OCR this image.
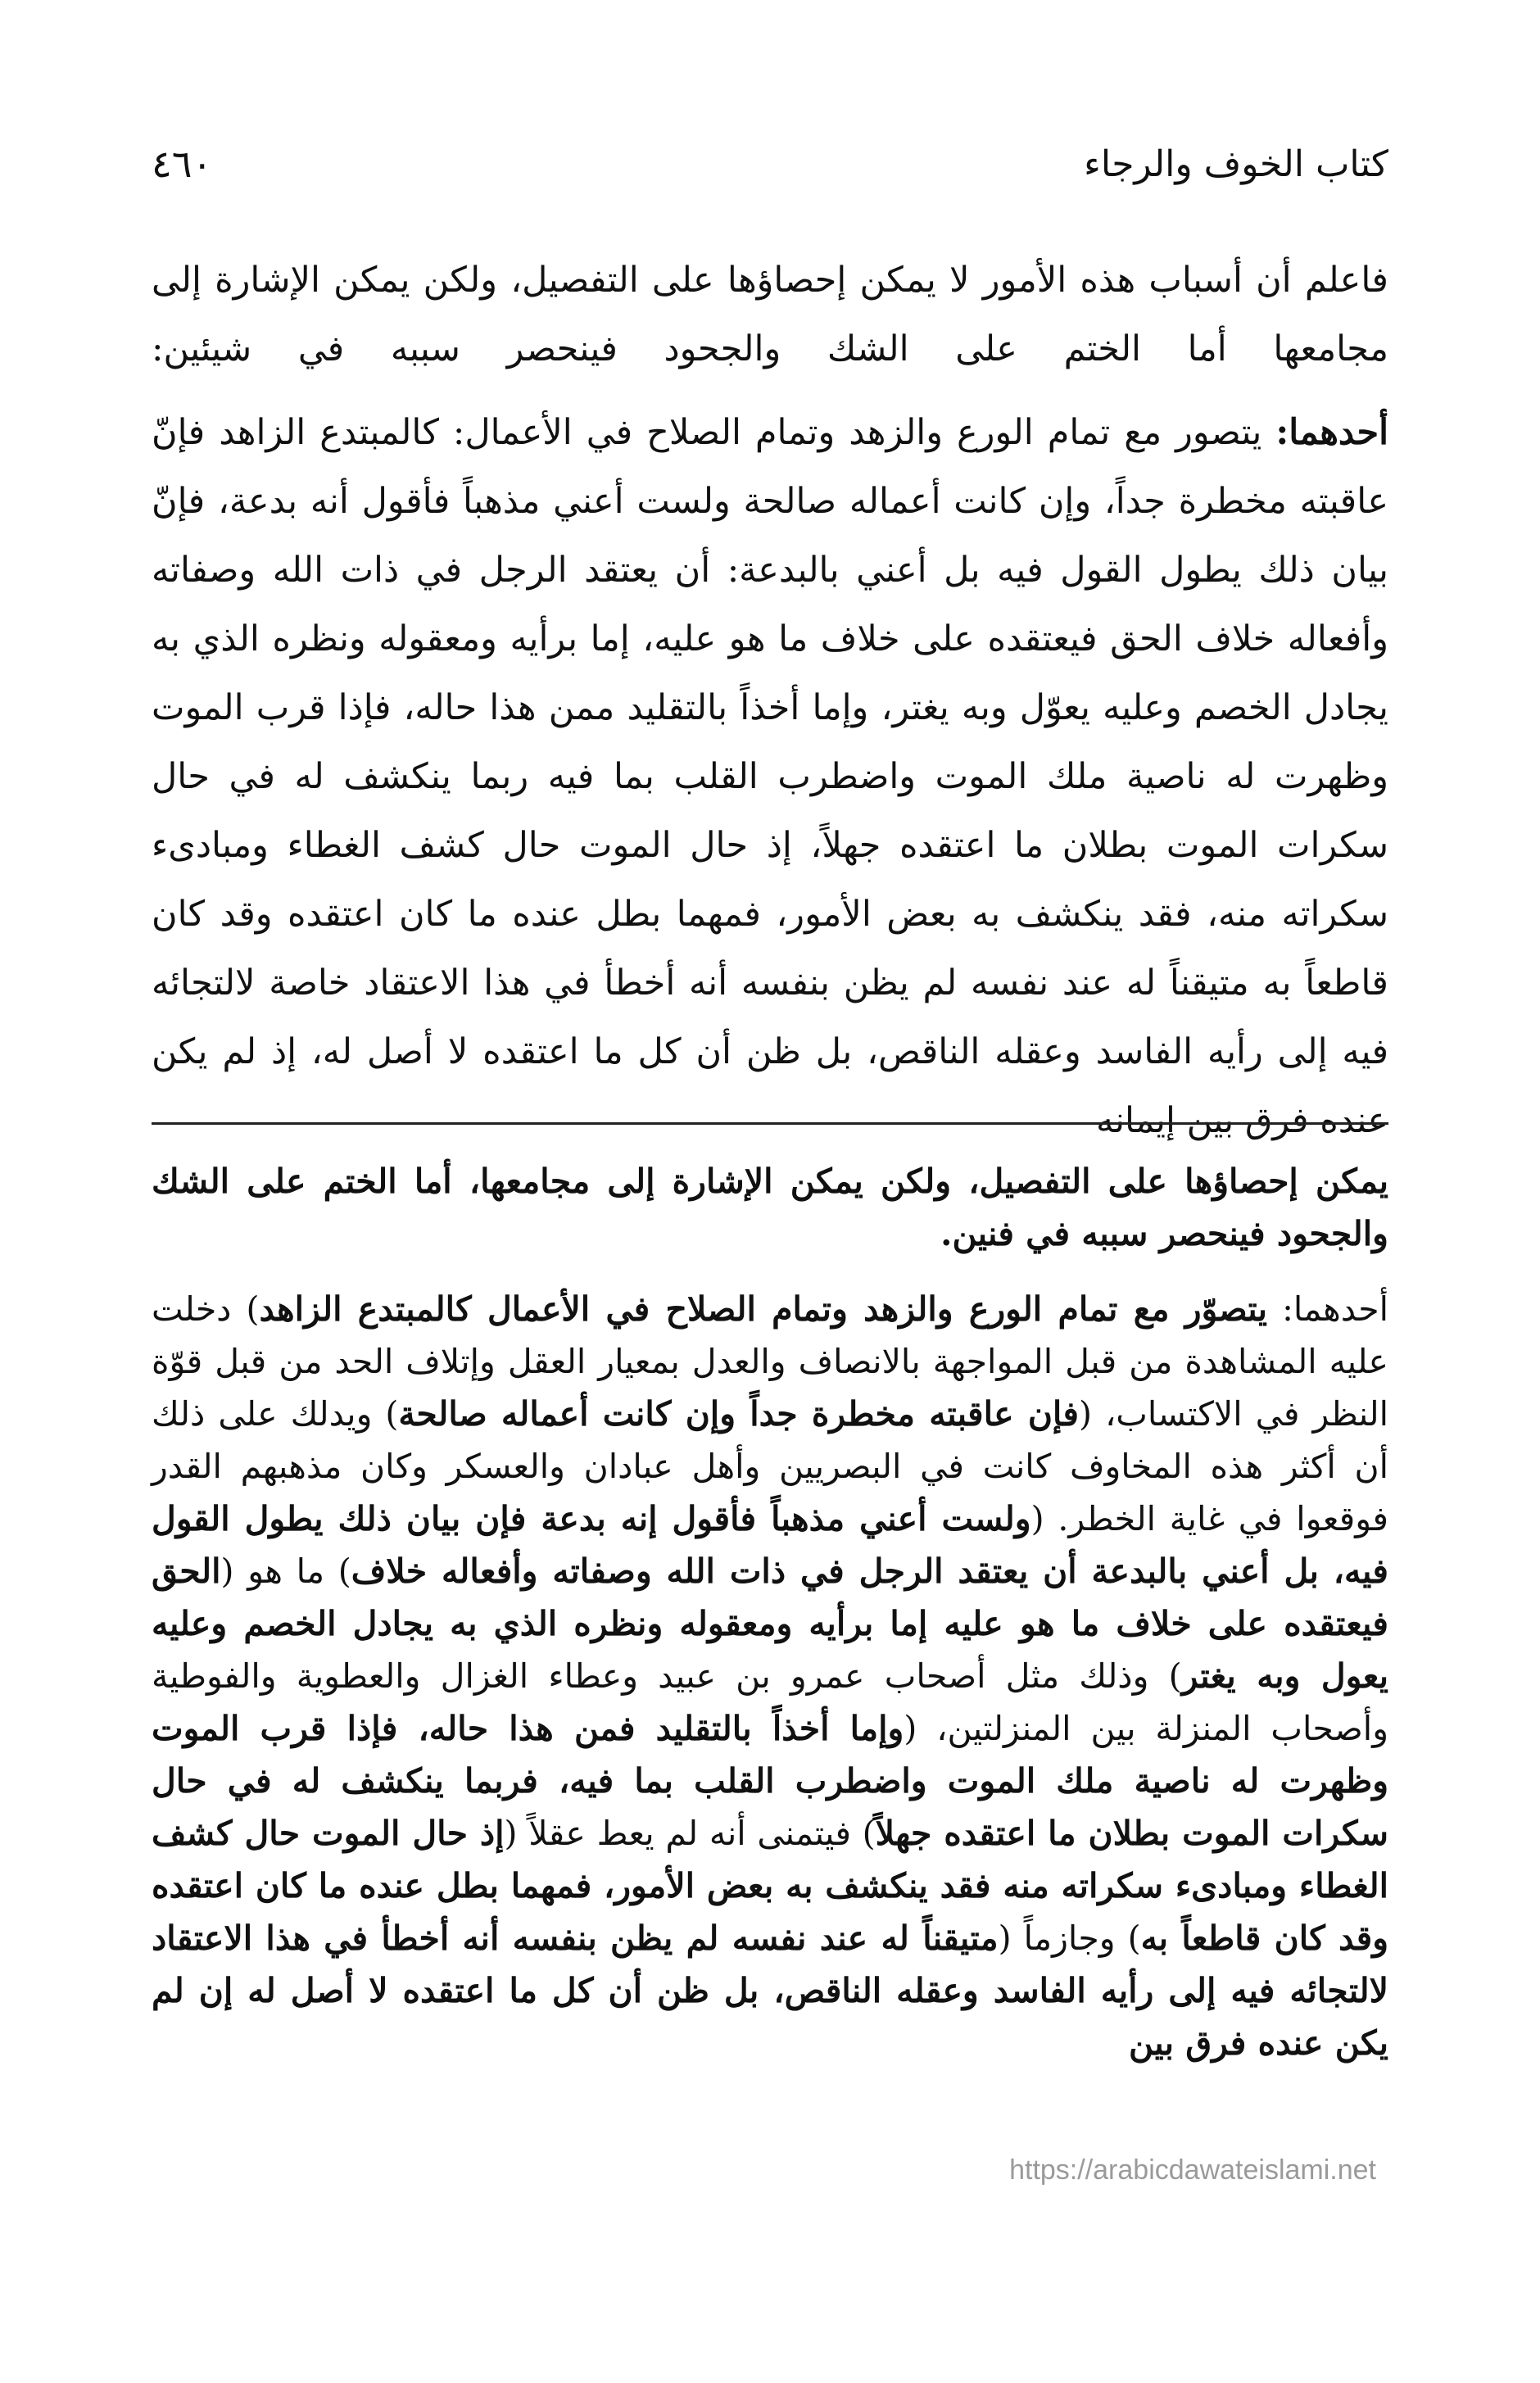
كتاب الخوف والرجاء
٤٦٠

فاعلم أن أسباب هذه الأمور لا يمكن إحصاؤها على التفصيل، ولكن يمكن الإشارة إلى مجامعها أما الختم على الشك والجحود فينحصر سببه في شيئين:

أحدهما: يتصور مع تمام الورع والزهد وتمام الصلاح في الأعمال: كالمبتدع الزاهد فإنّ عاقبته مخطرة جداً، وإن كانت أعماله صالحة ولست أعني مذهباً فأقول أنه بدعة، فإنّ بيان ذلك يطول القول فيه بل أعني بالبدعة: أن يعتقد الرجل في ذات الله وصفاته وأفعاله خلاف الحق فيعتقده على خلاف ما هو عليه، إما برأيه ومعقوله ونظره الذي به يجادل الخصم وعليه يعوّل وبه يغتر، وإما أخذاً بالتقليد ممن هذا حاله، فإذا قرب الموت وظهرت له ناصية ملك الموت واضطرب القلب بما فيه ربما ينكشف له في حال سكرات الموت بطلان ما اعتقده جهلاً، إذ حال الموت حال كشف الغطاء ومبادىء سكراته منه، فقد ينكشف به بعض الأمور، فمهما بطل عنده ما كان اعتقده وقد كان قاطعاً به متيقناً له عند نفسه لم يظن بنفسه أنه أخطأ في هذا الاعتقاد خاصة لالتجائه فيه إلى رأيه الفاسد وعقله الناقص، بل ظن أن كل ما اعتقده لا أصل له، إذ لم يكن عنده فرق بين إيمانه

يمكن إحصاؤها على التفصيل، ولكن يمكن الإشارة إلى مجامعها، أما الختم على الشك والجحود فينحصر سببه في فنين.

أحدهما: يتصوّر مع تمام الورع والزهد وتمام الصلاح في الأعمال كالمبتدع الزاهد) دخلت عليه المشاهدة من قبل المواجهة بالانصاف والعدل بمعيار العقل وإتلاف الحد من قبل قوّة النظر في الاكتساب، (فإن عاقبته مخطرة جداً وإن كانت أعماله صالحة) ويدلك على ذلك أن أكثر هذه المخاوف كانت في البصريين وأهل عبادان والعسكر وكان مذهبهم القدر فوقعوا في غاية الخطر. (ولست أعني مذهباً فأقول إنه بدعة فإن بيان ذلك يطول القول فيه، بل أعني بالبدعة أن يعتقد الرجل في ذات الله وصفاته وأفعاله خلاف) ما هو (الحق فيعتقده على خلاف ما هو عليه إما برأيه ومعقوله ونظره الذي به يجادل الخصم وعليه يعول وبه يغتر) وذلك مثل أصحاب عمرو بن عبيد وعطاء الغزال والعطوية والفوطية وأصحاب المنزلة بين المنزلتين، (وإما أخذاً بالتقليد فمن هذا حاله، فإذا قرب الموت وظهرت له ناصية ملك الموت واضطرب القلب بما فيه، فربما ينكشف له في حال سكرات الموت بطلان ما اعتقده جهلاً) فيتمنى أنه لم يعط عقلاً (إذ حال الموت حال كشف الغطاء ومبادىء سكراته منه فقد ينكشف به بعض الأمور، فمهما بطل عنده ما كان اعتقده وقد كان قاطعاً به) وجازماً (متيقناً له عند نفسه لم يظن بنفسه أنه أخطأ في هذا الاعتقاد لالتجائه فيه إلى رأيه الفاسد وعقله الناقص، بل ظن أن كل ما اعتقده لا أصل له إن لم يكن عنده فرق بين

https://arabicdawateislami.net
